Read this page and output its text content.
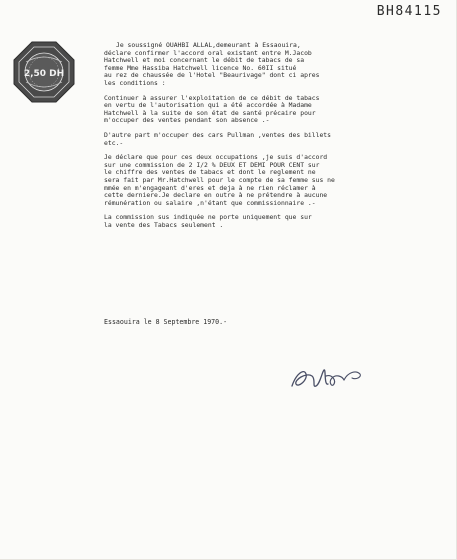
BH84115
2,50 DH

Je soussigné OUAHBI ALLAL,demeurant à Essaouira,
déclare confirmer l'accord oral existant entre M.Jacob
Hatchwell et moi concernant le débit de tabacs de sa
femme Mme Hassiba Hatchwell licence No. 60II situé
au rez de chaussée de l'Hotel "Beaurivage" dont ci apres
les conditions :

Continuer à assurer l'exploitation de ce débit de tabacs
en vertu de l'autorisation qui a été accordée à Madame
Hatchwell à la suite de son état de santé précaire pour
m'occuper des ventes pendant son absence .-

D'autre part m'occuper des cars Pullman ,ventes des billets
etc.-

Je déclare que pour ces deux occupations ,je suis d'accord
sur une commission de 2 I/2 % DEUX ET DEMI POUR CENT sur
le chiffre des ventes de tabacs et dont le reglement ne
sera fait par Mr.Hatchwell pour le compte de sa femme sus ne
mmée en m'engageant d'eres et deja à ne rien réclamer à
cette derniere.Je declare en outre à ne prétendre à aucune
rémunération ou salaire ,n'étant que commissionnaire .-

La commission sus indiquée ne porte uniquement que sur
la vente des Tabacs seulement .

Essaouira le 8 Septembre 1970.-
